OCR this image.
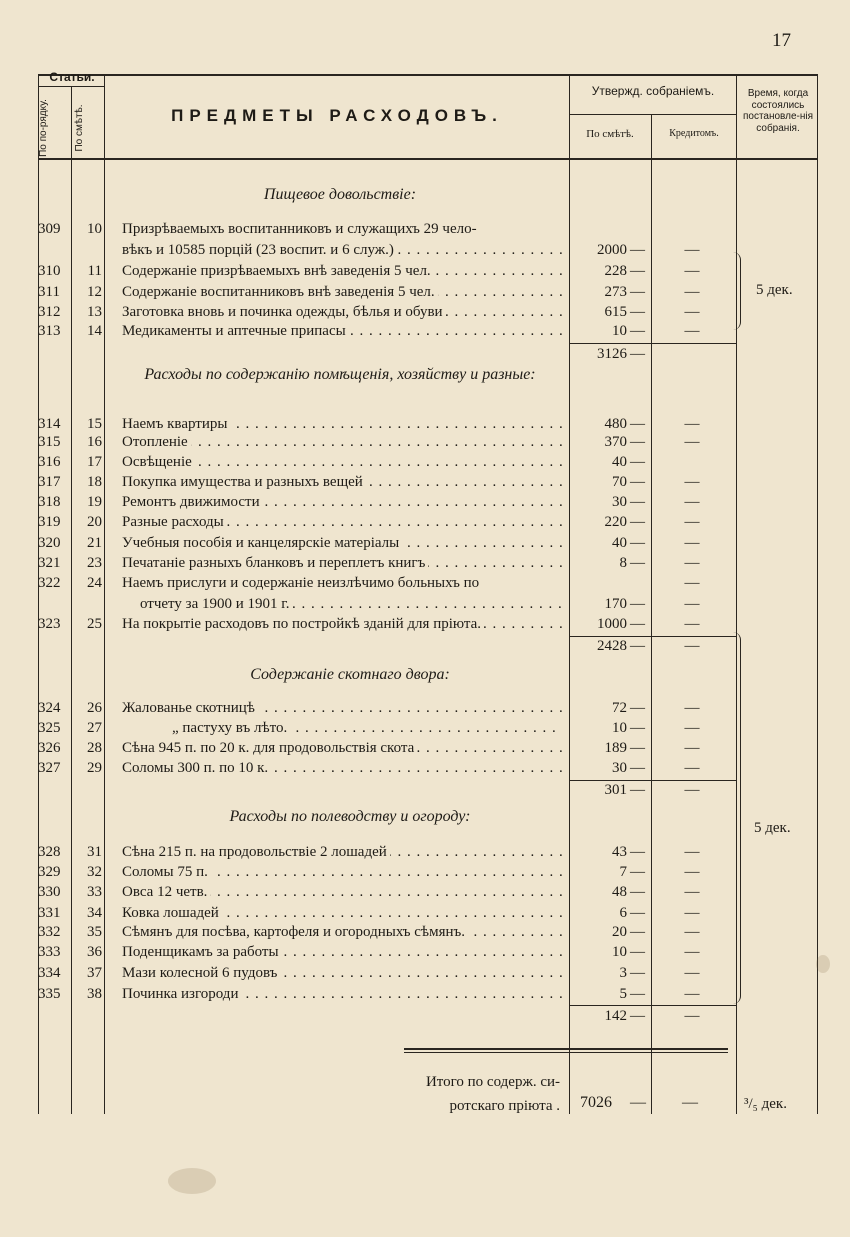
17
Статьи.
По по-рядку.	По смѣтѣ.	ПРЕДМЕТЫ РАСХОДОВЪ.
Утвержд. собраніемъ.
По смѣтѣ.	Кредитомъ.
Время, когда состоялись постановле-нія собранія.
Пищевое довольствіе:
309	10 Призрѣваемыхъ воспитанниковъ и служащихъ 29 чело-
вѣкъ и 10585 порцій (23 воспит. и 6 служ.) . . .	2000 —	—
310	11 Содержаніе призрѣваемыхъ внѣ заведенія 5 чел. . . .	228 —	—
311	12 Содержаніе воспитанниковъ внѣ заведенія 5 чел. . . .	273 —	—
312	13 Заготовка вновь и починка одежды, бѣлья и обуви . . .	615 —	—
313	14 Медикаменты и аптечные припасы . . .	10 —	—
3126 —
5 дек.
Расходы по содержанію помѣщенія, хозяйству и разные:
314	15 Наемъ квартиры . . .	480 —	—
315	16 Отопленіе . . .	370 —	—
316	17 Освѣщеніе . . .	40 —
317	18 Покупка имущества и разныхъ вещей . . .	70 —	—
318	19 Ремонтъ движимости . . .	30 —	—
319	20 Разные расходы . . .	220 —	—
320	21 Учебныя пособія и канцелярскіе матеріалы . . .	40 —	—
321	23 Печатаніе разныхъ бланковъ и переплетъ книгъ . . .	8 —	—
322	24 Наемъ прислуги и содержаніе неизлѣчимо больныхъ по	—
отчету за 1900 и 1901 г. . . .	170 —	—
323	25 На покрытіе расходовъ по постройкѣ зданій для пріюта. . . .	1000 —	—
2428 —	—
Содержаніе скотнаго двора:
324	26 Жалованье скотницѣ . . .	72 —	—
325	27	„ пастуху въ лѣто. . . .	10 —	—
326	28 Сѣна 945 п. по 20 к. для продовольствія скота . . .	189 —	—
327	29 Соломы 300 п. по 10 к. . . .	30 —	—
301 —	—
Расходы по полеводству и огороду:
328	31 Сѣна 215 п. на продовольствіе 2 лошадей . . .	43 —	—
329	32 Соломы 75 п. . . .	7 —	—
330	33 Овса 12 четв. . . .	48 —	—
331	34 Ковка лошадей . . .	6 —	—
332	35 Сѣмянъ для посѣва, картофеля и огородныхъ сѣмянъ. . . .	20 —	—
333	36 Поденщикамъ за работы . . .	10 —	—
334	37 Мази колесной 6 пудовъ . . .	3 —	—
335	38 Починка изгороди . . .	5 —	—
142 —	—
5 дек.
Итого по содерж. си-
ротскаго пріюта . 7026 — —	³/₅ дек.
